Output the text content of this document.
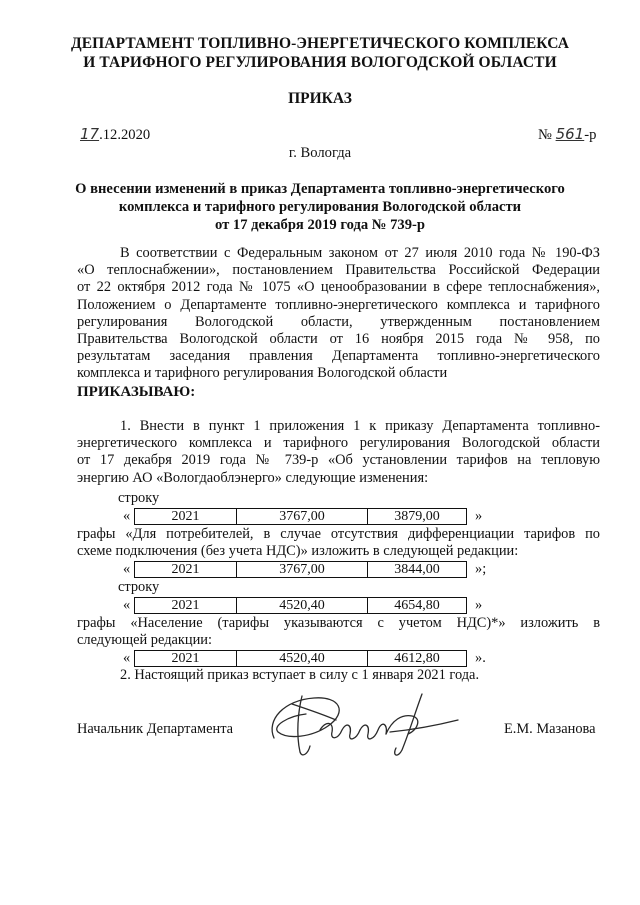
ДЕПАРТАМЕНТ ТОПЛИВНО-ЭНЕРГЕТИЧЕСКОГО КОМПЛЕКСА
И ТАРИФНОГО РЕГУЛИРОВАНИЯ ВОЛОГОДСКОЙ ОБЛАСТИ
ПРИКАЗ
17.12.2020	№ 561-р
г. Вологда
О внесении изменений в приказ Департамента топливно-энергетического
комплекса и тарифного регулирования Вологодской области
от 17 декабря 2019 года № 739-р
В соответствии с Федеральным законом от 27 июля 2010 года № 190-ФЗ
«О теплоснабжении», постановлением Правительства Российской Федерации
от 22 октября 2012 года № 1075 «О ценообразовании в сфере теплоснабжения»,
Положением о Департаменте топливно-энергетического комплекса и тарифного
регулирования Вологодской области, утвержденным постановлением
Правительства Вологодской области от 16 ноября 2015 года № 958, по
результатам заседания правления Департамента топливно-энергетического
комплекса и тарифного регулирования Вологодской области
ПРИКАЗЫВАЮ:
1. Внести в пункт 1 приложения 1 к приказу Департамента топливно-
энергетического комплекса и тарифного регулирования Вологодской области
от 17 декабря 2019 года № 739-р «Об установлении тарифов на тепловую
энергию АО «Вологдаоблэнерго» следующие изменения:
строку
«	2021	3767,00	3879,00	»
графы «Для потребителей, в случае отсутствия дифференциации тарифов по
схеме подключения (без учета НДС)» изложить в следующей редакции:
«	2021	3767,00	3844,00	»;
строку
«	2021	4520,40	4654,80	»
графы «Население (тарифы указываются с учетом НДС)*» изложить в
следующей редакции:
«	2021	4520,40	4612,80	».
2. Настоящий приказ вступает в силу с 1 января 2021 года.
Начальник Департамента	Е.М. Мазанова
